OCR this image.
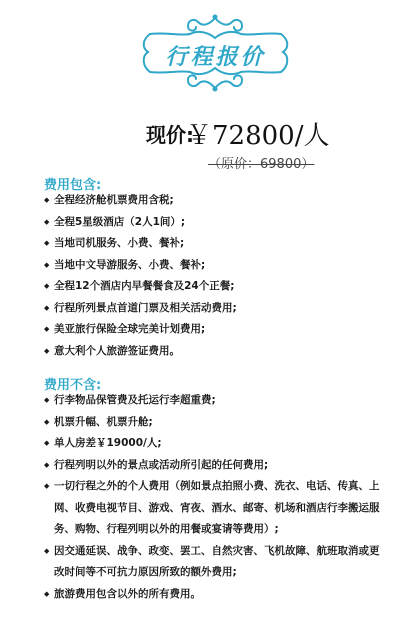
行程报价
现价:
￥72800/人
（原价：69800）
费用包含:
◆ 全程经济舱机票费用含税;
◆ 全程5星级酒店（2人1间）;
◆ 当地司机服务、小费、餐补;
◆ 当地中文导游服务、小费、餐补;
◆ 全程12个酒店内早餐餐食及24个正餐;
◆ 行程所列景点首道门票及相关活动费用;
◆ 美亚旅行保险全球完美计划费用;
◆ 意大利个人旅游签证费用。
费用不含:
◆ 行李物品保管费及托运行李超重费;
◆ 机票升幅、机票升舱;
◆ 单人房差￥19000/人;
◆ 行程列明以外的景点或活动所引起的任何费用;
◆ 一切行程之外的个人费用（例如景点拍照小费、洗衣、电话、传真、上网、收费电视节目、游戏、宵夜、酒水、邮寄、机场和酒店行李搬运服务、购物、行程列明以外的用餐或宴请等费用）;
◆ 因交通延误、战争、政变、罢工、自然灾害、飞机故障、航班取消或更改时间等不可抗力原因所致的额外费用;
◆ 旅游费用包含以外的所有费用。
